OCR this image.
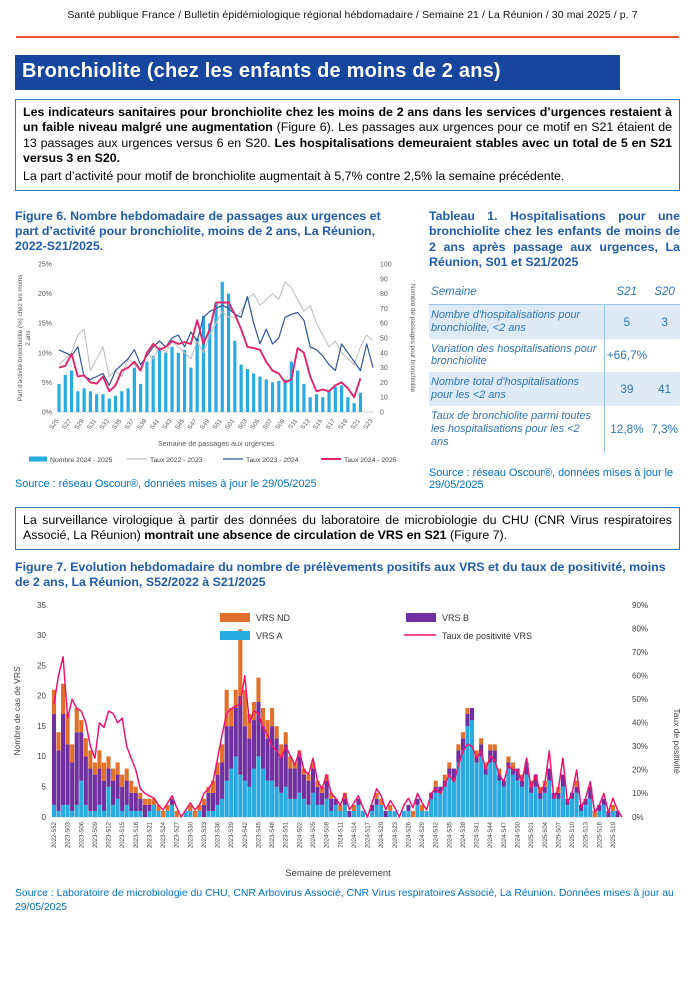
Santé publique France / Bulletin épidémiologique régional hébdomadaire / Semaine 21 / La Réunion / 30 mai 2025 / p. 7
Bronchiolite (chez les enfants de moins de 2 ans)

Les indicateurs sanitaires pour bronchiolite chez les moins de 2 ans dans les services d’urgences restaient à un faible niveau malgré une augmentation (Figure 6). Les passages aux urgences pour ce motif en S21 étaient de 13 passages aux urgences versus 6 en S20. Les hospitalisations demeuraient stables avec un total de 5 en S21 versus 3 en S20.

La part d’activité pour motif de bronchiolite augmentait à 5,7% contre 2,5% la semaine précédente.

Figure 6. Nombre hebdomadaire de passages aux urgences et part d’activité pour bronchiolite, moins de 2 ans, La Réunion, 2022-S21/2025.
0%
5%
10%
15%
20%
25%
0
10
20
30
40
50
60
70
80
90
100
S25 S27 S29 S31 S33 S35 S37 S39 S41 S43 S45 S47 S49 S51 S01 S03 S05 S07 S09 S11 S13 S15 S17 S19 S21 S23
Semaine de passages aux urgences
Part d'activité bronchiolite (%) chez les moins 2 ans	Nombre de passages pour bronchiolite
Nombre 2024 - 2025	Taux 2022 - 2023	Taux 2023 - 2024	Taux 2024 - 2025
Source : réseau Oscour®, données mises à jour le 29/05/2025
Tableau 1. Hospitalisations pour une bronchiolite chez les enfants de moins de 2 ans après passage aux urgences, La Réunion, S01 et S21/2025
Semaine	S21	S20
Nombre d'hospitalisations pour bronchiolite, <2 ans	5	3
Variation des hospitalisations pour bronchiolite	+66,7%	
Nombre total d'hospitalisations pour les <2 ans	39	41
Taux de bronchiolite parmi toutes les hospitalisations pour les <2 ans	12,8%	7,3%
Source : réseau Oscour®, données mises à jour le 29/05/2025

La surveillance virologique à partir des données du laboratoire de microbiologie du CHU (CNR Virus respiratoires Associé, La Réunion) montrait une absence de circulation de VRS en S21 (Figure 7).

Figure 7. Evolution hebdomadaire du nombre de prélèvements positifs aux VRS et du taux de positivité, moins de 2 ans, La Réunion, S52/2022 à S21/2025
0
5
10
15
20
25
30
35
0%
10%
20%
30%
40%
50%
60%
70%
80%
90%
2022-S52 2023-S03 2023-S06 2023-S09 2023-S12 2023-S15 2023-S18 2023-S21 2023-S24 2023-S27 2023-S30 2023-S33 2023-S36 2023-S39 2023-S42 2023-S45 2023-S48 2023-S51 2024-S02 2024-S05 2024-S08 2024-S11 2024-S14 2024-S17 2024-S20 2024-S23 2024-S26 2024-S29 2024-S32 2024-S35 2024-S38 2024-S41 2024-S44 2024-S47 2024-S50 2025-S01 2025-S04 2025-S07 2025-S10 2025-S13 2025-S16 2025-S19
Semaine de prélèvement
Nombre de cas de VRS	Taux de positivité
VRS ND
VRS A
VRS B
Taux de positivité VRS
Source : Laboratoire de microbiologie du CHU, CNR Arbovirus Associé, CNR Virus respiratoires Associé, La Réunion. Données mises à jour au 29/05/2025
